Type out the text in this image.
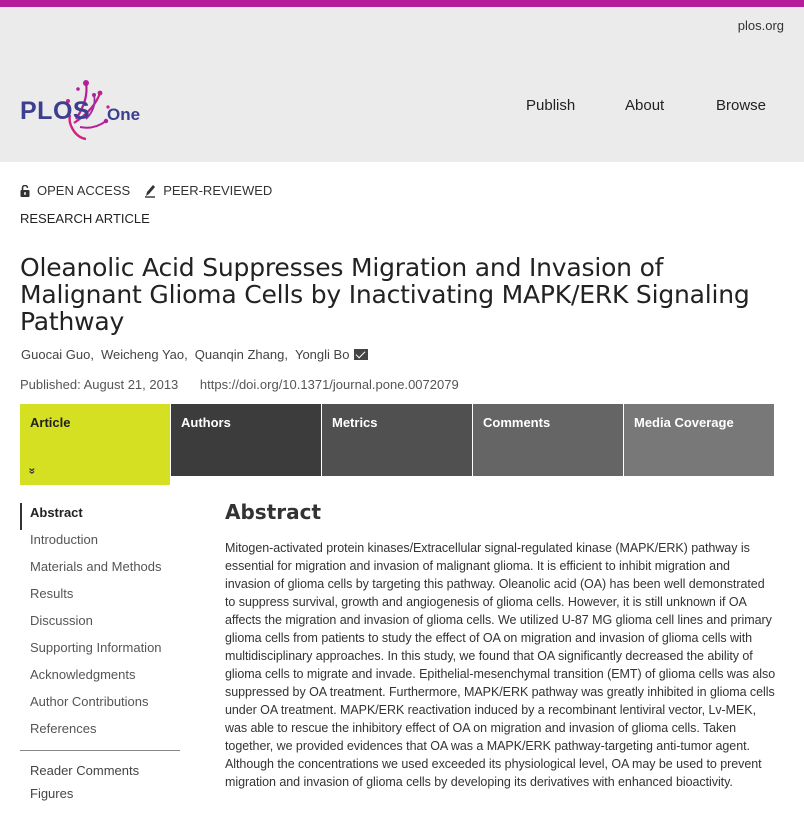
plos.org
PLOS One	Publish	About	Browse
OPEN ACCESS	PEER-REVIEWED
RESEARCH ARTICLE
Oleanolic Acid Suppresses Migration and Invasion of Malignant Glioma Cells by Inactivating MAPK/ERK Signaling Pathway
Guocai Guo, Weicheng Yao, Quanqin Zhang, Yongli Bo
Published: August 21, 2013 https://doi.org/10.1371/journal.pone.0072079
Article
»
Authors	Metrics	Comments	Media Coverage
Abstract
Introduction
Materials and Methods
Results
Discussion
Supporting Information
Acknowledgments
Author Contributions
References
Reader Comments
Figures
Abstract

Mitogen-activated protein kinases/Extracellular signal-regulated kinase (MAPK/ERK) pathway is essential for migration and invasion of malignant glioma. It is efficient to inhibit migration and invasion of glioma cells by targeting this pathway. Oleanolic acid (OA) has been well demonstrated to suppress survival, growth and angiogenesis of glioma cells. However, it is still unknown if OA affects the migration and invasion of glioma cells. We utilized U-87 MG glioma cell lines and primary glioma cells from patients to study the effect of OA on migration and invasion of glioma cells with multidisciplinary approaches. In this study, we found that OA significantly decreased the ability of glioma cells to migrate and invade. Epithelial-mesenchymal transition (EMT) of glioma cells was also suppressed by OA treatment. Furthermore, MAPK/ERK pathway was greatly inhibited in glioma cells under OA treatment. MAPK/ERK reactivation induced by a recombinant lentiviral vector, Lv-MEK, was able to rescue the inhibitory effect of OA on migration and invasion of glioma cells. Taken together, we provided evidences that OA was a MAPK/ERK pathway-targeting anti-tumor agent. Although the concentrations we used exceeded its physiological level, OA may be used to prevent migration and invasion of glioma cells by developing its derivatives with enhanced bioactivity.
